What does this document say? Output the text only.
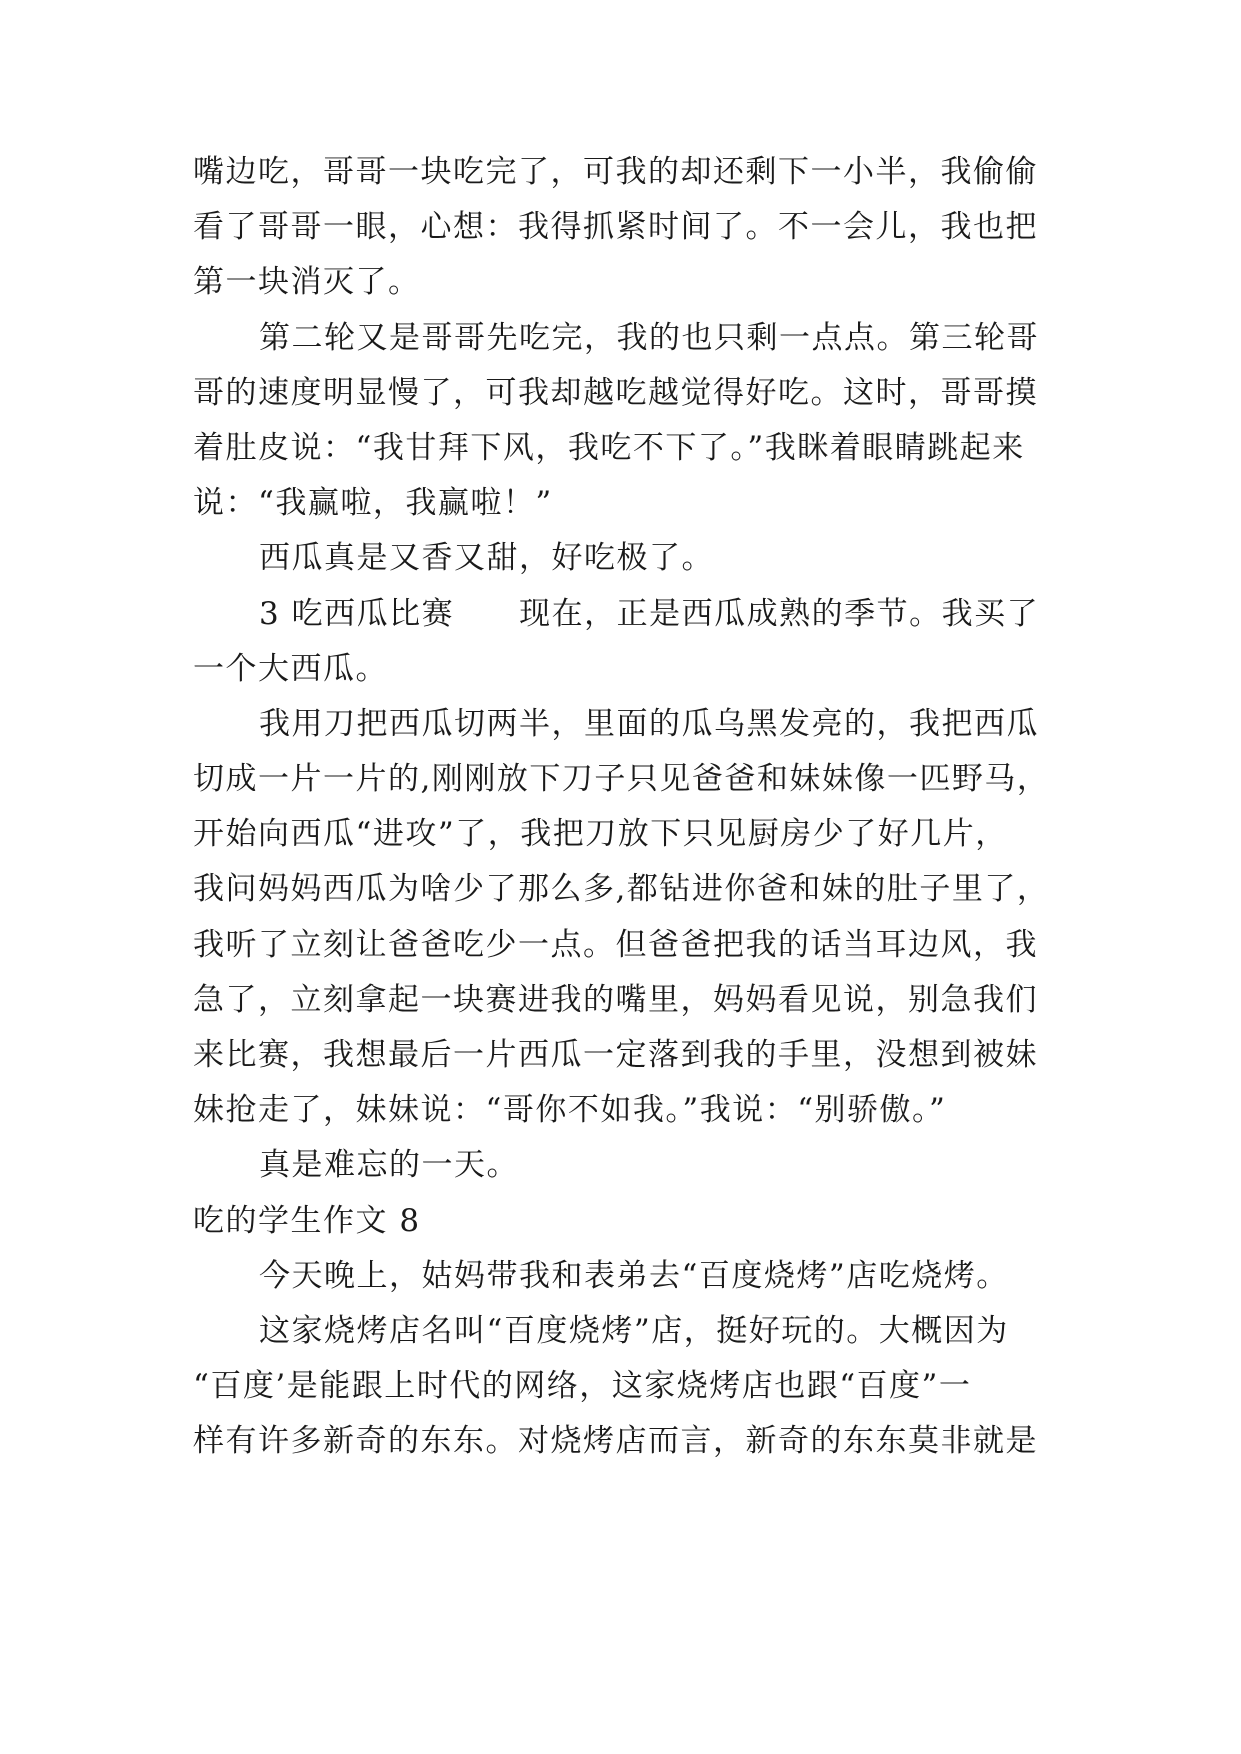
嘴边吃，哥哥一块吃完了，可我的却还剩下一小半，我偷偷
看了哥哥一眼，心想：我得抓紧时间了。不一会儿，我也把
第一块消灭了。
第二轮又是哥哥先吃完，我的也只剩一点点。第三轮哥
哥的速度明显慢了，可我却越吃越觉得好吃。这时，哥哥摸
着肚皮说：“我甘拜下风，我吃不下了。”我眯着眼睛跳起来
说：“我赢啦，我赢啦！”
西瓜真是又香又甜，好吃极了。
3 吃西瓜比赛　　现在，正是西瓜成熟的季节。我买了
一个大西瓜。
我用刀把西瓜切两半，里面的瓜乌黑发亮的，我把西瓜
切成一片一片的,刚刚放下刀子只见爸爸和妹妹像一匹野马，
开始向西瓜“进攻”了，我把刀放下只见厨房少了好几片，
我问妈妈西瓜为啥少了那么多,都钻进你爸和妹的肚子里了，
我听了立刻让爸爸吃少一点。但爸爸把我的话当耳边风，我
急了，立刻拿起一块赛进我的嘴里，妈妈看见说，别急我们
来比赛，我想最后一片西瓜一定落到我的手里，没想到被妹
妹抢走了，妹妹说：“哥你不如我。”我说：“别骄傲。”
真是难忘的一天。
吃的学生作文 8
今天晚上，姑妈带我和表弟去“百度烧烤”店吃烧烤。
这家烧烤店名叫“百度烧烤”店，挺好玩的。大概因为
“百度’是能跟上时代的网络，这家烧烤店也跟“百度”一
样有许多新奇的东东。对烧烤店而言，新奇的东东莫非就是
